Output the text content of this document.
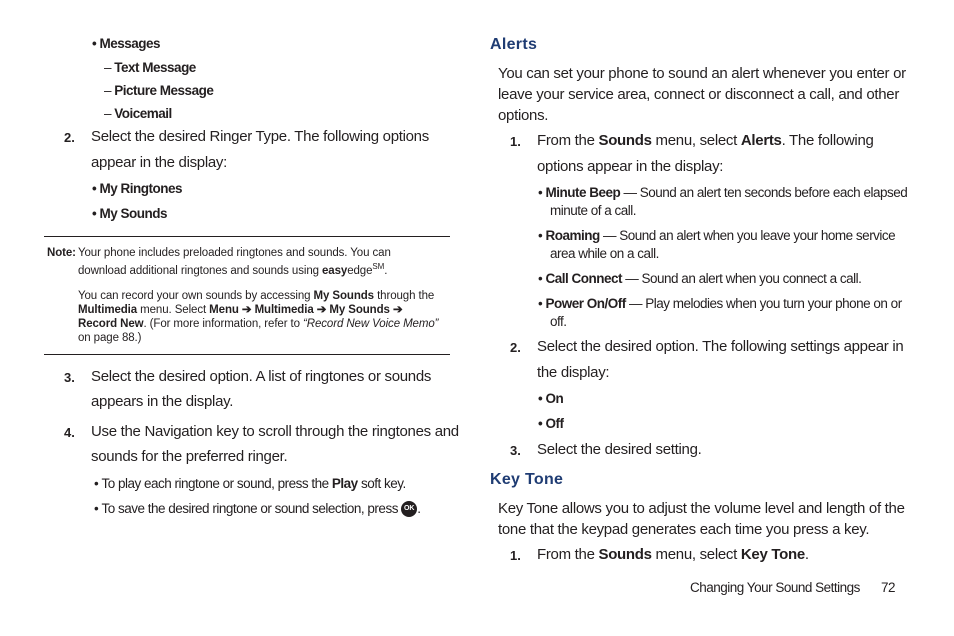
• Messages
– Text Message
– Picture Message
– Voicemail
2. Select the desired Ringer Type. The following options
appear in the display:
• My Ringtones
• My Sounds
Note: Your phone includes preloaded ringtones and sounds. You can
download additional ringtones and sounds using easyedge℠.
You can record your own sounds by accessing My Sounds through the
Multimedia menu. Select Menu ➔ Multimedia ➔ My Sounds ➔
Record New. (For more information, refer to “Record New Voice Memo”
on page 88.)
3. Select the desired option. A list of ringtones or sounds
appears in the display.
4. Use the Navigation key to scroll through the ringtones and
sounds for the preferred ringer.
• To play each ringtone or sound, press the Play soft key.
• To save the desired ringtone or sound selection, press OK .
Alerts
You can set your phone to sound an alert whenever you enter or
leave your service area, connect or disconnect a call, and other
options.
1. From the Sounds menu, select Alerts. The following
options appear in the display:
• Minute Beep — Sound an alert ten seconds before each elapsed
minute of a call.
• Roaming — Sound an alert when you leave your home service
area while on a call.
• Call Connect — Sound an alert when you connect a call.
• Power On/Off — Play melodies when you turn your phone on or
off.
2. Select the desired option. The following settings appear in
the display:
• On
• Off
3. Select the desired setting.
Key Tone
Key Tone allows you to adjust the volume level and length of the
tone that the keypad generates each time you press a key.
1. From the Sounds menu, select Key Tone.
Changing Your Sound Settings 72
